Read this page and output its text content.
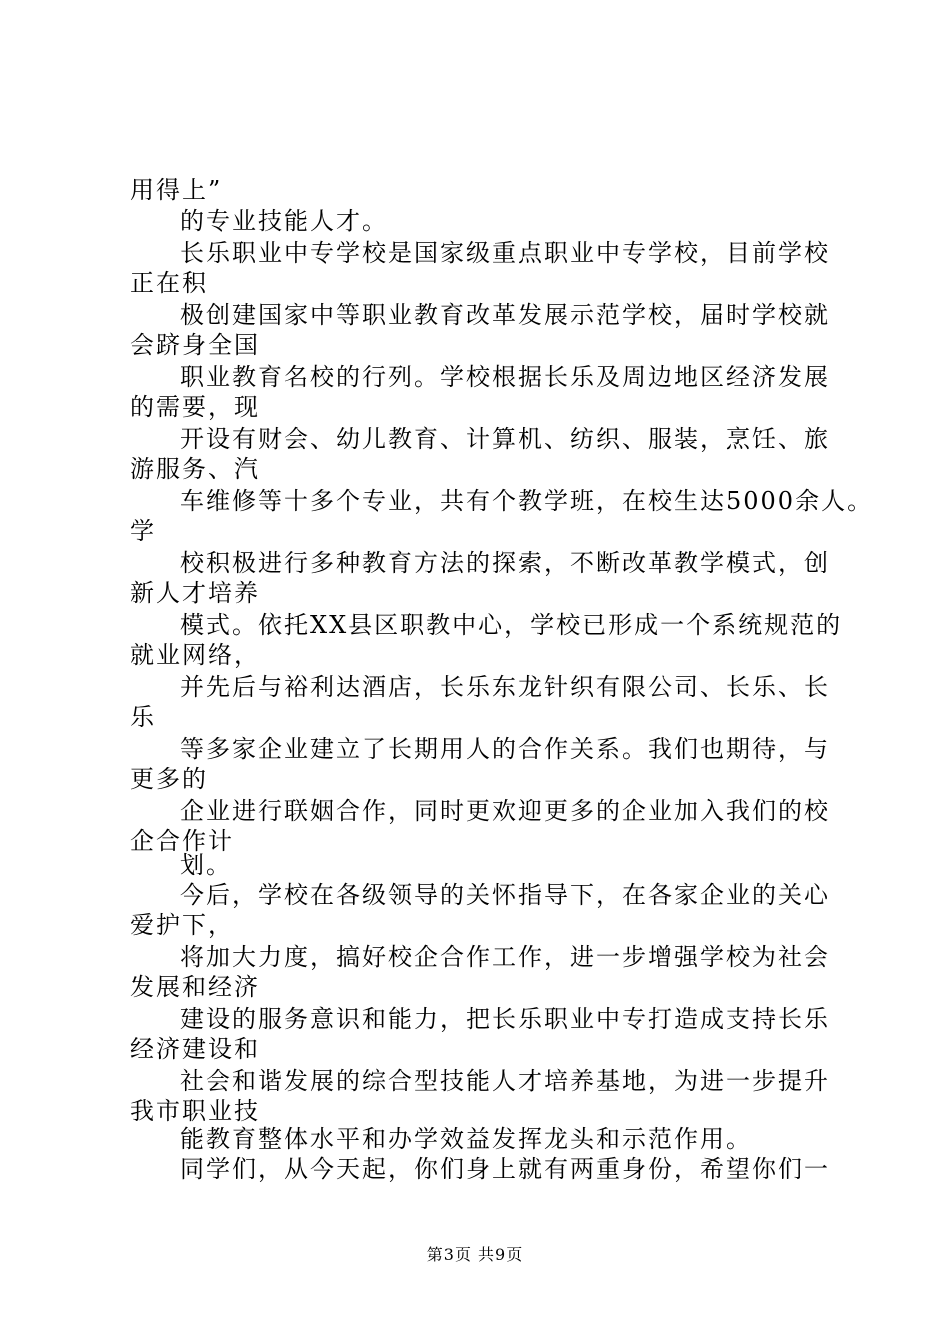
用得上”
的专业技能人才。
长乐职业中专学校是国家级重点职业中专学校，目前学校
正在积
极创建国家中等职业教育改革发展示范学校，届时学校就
会跻身全国
职业教育名校的行列。学校根据长乐及周边地区经济发展
的需要，现
开设有财会、幼儿教育、计算机、纺织、服装，烹饪、旅
游服务、汽
车维修等十多个专业，共有个教学班，在校生达5000余人。
学
校积极进行多种教育方法的探索，不断改革教学模式，创
新人才培养
模式。依托XX县区职教中心，学校已形成一个系统规范的
就业网络，
并先后与裕利达酒店，长乐东龙针织有限公司、长乐、长
乐
等多家企业建立了长期用人的合作关系。我们也期待，与
更多的
企业进行联姻合作，同时更欢迎更多的企业加入我们的校
企合作计
划。
今后，学校在各级领导的关怀指导下，在各家企业的关心
爱护下，
将加大力度，搞好校企合作工作，进一步增强学校为社会
发展和经济
建设的服务意识和能力，把长乐职业中专打造成支持长乐
经济建设和
社会和谐发展的综合型技能人才培养基地，为进一步提升
我市职业技
能教育整体水平和办学效益发挥龙头和示范作用。
同学们，从今天起，你们身上就有两重身份，希望你们一
第3页 共9页
